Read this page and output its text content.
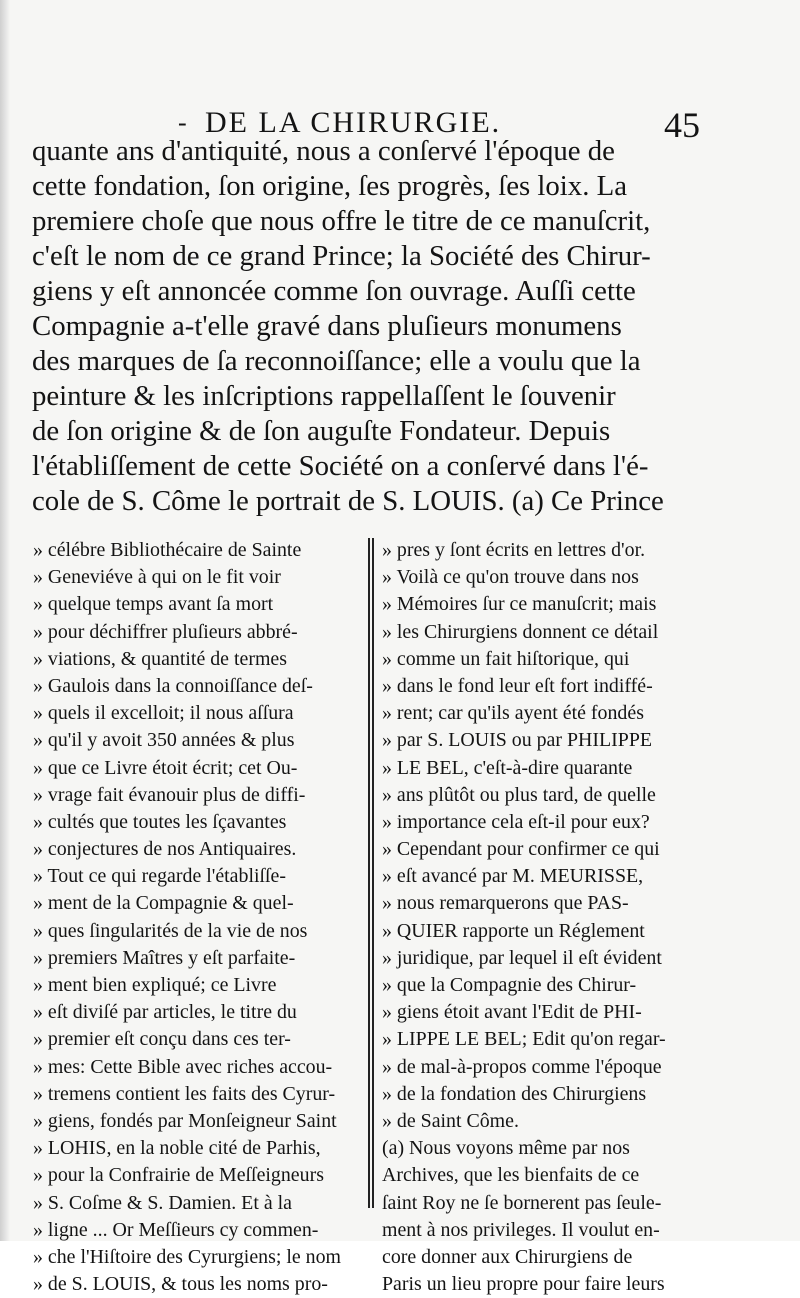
- DE LA CHIRURGIE.	45
quante ans d'antiquité, nous a conſervé l'époque de
cette fondation, ſon origine, ſes progrès, ſes loix. La
premiere choſe que nous offre le titre de ce manuſcrit,
c'eſt le nom de ce grand Prince; la Société des Chirur-
giens y eſt annoncée comme ſon ouvrage. Auſſi cette
Compagnie a-t'elle gravé dans pluſieurs monumens
des marques de ſa reconnoiſſance; elle a voulu que la
peinture & les inſcriptions rappellaſſent le ſouvenir
de ſon origine & de ſon auguſte Fondateur. Depuis
l'établiſſement de cette Société on a conſervé dans l'é-
cole de S. Côme le portrait de S. LOUIS. (a) Ce Prince
» célébre Bibliothécaire de Sainte
» Geneviéve à qui on le fit voir
» quelque temps avant ſa mort
» pour déchiffrer pluſieurs abbré-
» viations, & quantité de termes
» Gaulois dans la connoiſſance deſ-
» quels il excelloit; il nous aſſura
» qu'il y avoit 350 années & plus
» que ce Livre étoit écrit; cet Ou-
» vrage fait évanouir plus de diffi-
» cultés que toutes les ſçavantes
» conjectures de nos Antiquaires.
» Tout ce qui regarde l'établiſſe-
» ment de la Compagnie & quel-
» ques ſingularités de la vie de nos
» premiers Maîtres y eſt parfaite-
» ment bien expliqué; ce Livre
» eſt diviſé par articles, le titre du
» premier eſt conçu dans ces ter-
» mes: Cette Bible avec riches accou-
» tremens contient les faits des Cyrur-
» giens, fondés par Monſeigneur Saint
» LOHIS, en la noble cité de Parhis,
» pour la Confrairie de Meſſeigneurs
» S. Coſme & S. Damien. Et à la
» ligne ... Or Meſſieurs cy commen-
» che l'Hiſtoire des Cyrurgiens; le nom
» de S. LOUIS, & tous les noms pro-
» pres y ſont écrits en lettres d'or.
» Voilà ce qu'on trouve dans nos
» Mémoires ſur ce manuſcrit; mais
» les Chirurgiens donnent ce détail
» comme un fait hiſtorique, qui
» dans le fond leur eſt fort indiffé-
» rent; car qu'ils ayent été fondés
» par S. LOUIS ou par PHILIPPE
» LE BEL, c'eſt-à-dire quarante
» ans plûtôt ou plus tard, de quelle
» importance cela eſt-il pour eux?
» Cependant pour confirmer ce qui
» eſt avancé par M. MEURISSE,
» nous remarquerons que PAS-
» QUIER rapporte un Réglement
» juridique, par lequel il eſt évident
» que la Compagnie des Chirur-
» giens étoit avant l'Edit de PHI-
» LIPPE LE BEL; Edit qu'on regar-
» de mal-à-propos comme l'époque
» de la fondation des Chirurgiens
» de Saint Côme.
(a) Nous voyons même par nos
Archives, que les bienfaits de ce
ſaint Roy ne ſe bornerent pas ſeule-
ment à nos privileges. Il voulut en-
core donner aux Chirurgiens de
Paris un lieu propre pour faire leurs
